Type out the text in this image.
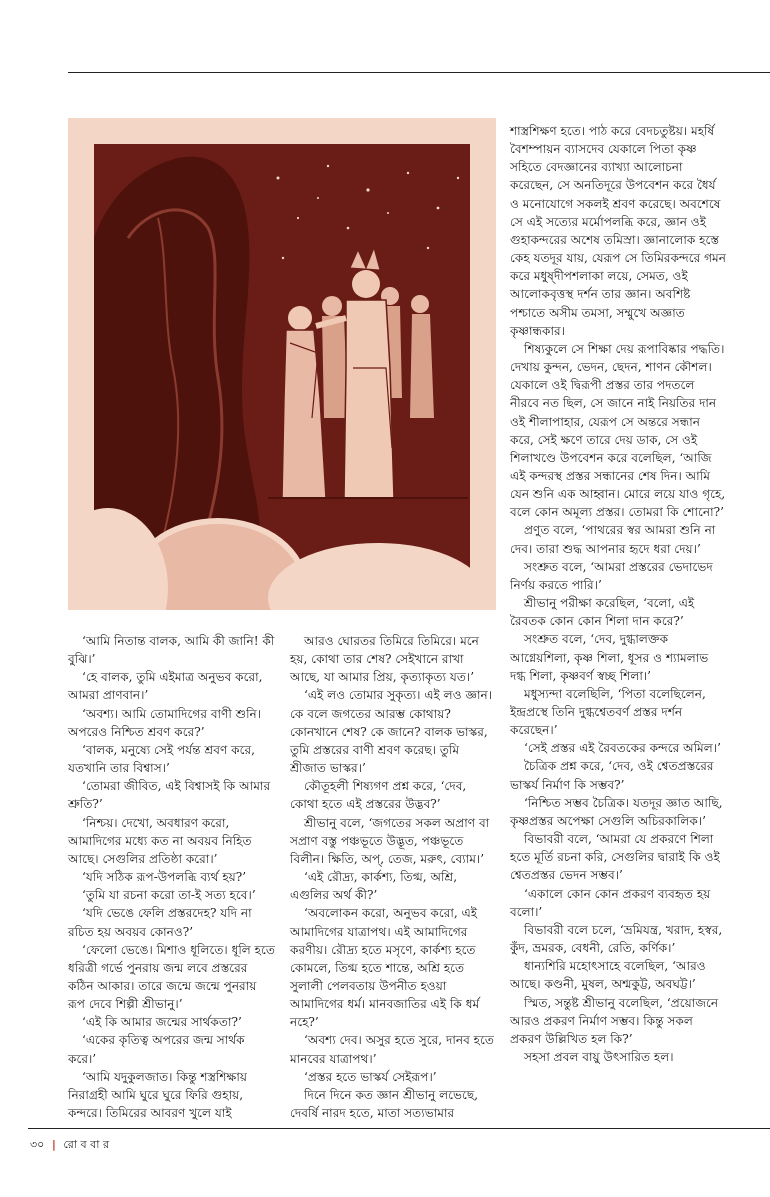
‘আমি নিতান্ত বালক, আমি কী জানি! কী বুঝি।’

‘হে বালক, তুমি এইমাত্র অনুভব করো, আমরা প্রাণবান।’

‘অবশ্য। আমি তোমাদিগের বাণী শুনি। অপরেও নিশ্চিত শ্রবণ করে?’

‘বালক, মনুষ্যে সেই পর্যন্ত শ্রবণ করে, যতখানি তার বিশ্বাস।’

‘তোমরা জীবিত, এই বিশ্বাসই কি আমার শ্রুতি?’

‘নিশ্চয়। দেখো, অবধারণ করো, আমাদিগের মধ্যে কত না অবয়ব নিহিত আছে। সেগুলির প্রতিষ্ঠা করো।’

‘যদি সঠিক রূপ-উপলব্ধি ব্যর্থ হয়?’

‘তুমি যা রচনা করো তা-ই সত্য হবে।’

‘যদি ভেঙে ফেলি প্রস্তরদেহ? যদি না রচিত হয় অবয়ব কোনও?’

‘ফেলো ভেঙে। মিশাও ধূলিতে। ধূলি হতে ধরিত্রী গর্ভে পুনরায় জন্ম লবে প্রস্তরের কঠিন আকার। তারে জন্মে জন্মে পুনরায় রূপ দেবে শিল্পী শ্রীভানু।’

‘এই কি আমার জন্মের সার্থকতা?’

‘একের কৃতিত্ব অপরের জন্ম সার্থক করে।’

‘আমি যদুকুলজাত। কিন্তু শস্ত্রশিক্ষায় নিরাগ্রহী আমি ঘুরে ঘুরে ফিরি গুহায়, কন্দরে। তিমিরের আবরণ খুলে যাই

আরও ঘোরতর তিমিরে তিমিরে। মনে হয়, কোথা তার শেষ? সেইখানে রাখা আছে, যা আমার প্রিয়, কৃত্যাকৃত্য যত।’

‘এই লও তোমার সুকৃত্য। এই লও জ্ঞান। কে বলে জগতের আরম্ভ কোথায়? কোনখানে শেষ? কে জানে? বালক ভাস্কর, তুমি প্রস্তরের বাণী শ্রবণ করেছ। তুমি শ্রীজাত ভাস্কর।’

কৌতূহলী শিষ্যগণ প্রশ্ন করে, ‘দেব, কোথা হতে এই প্রস্তরের উদ্ভব?’

শ্রীভানু বলে, ‘জগতের সকল অপ্রাণ বা সপ্রাণ বস্তু পঞ্চভূতে উদ্ভূত, পঞ্চভূতে বিলীন। ক্ষিতি, অপ্‌, তেজ, মরুৎ, ব্যোম।’

‘এই রৌদ্র্য, কার্কশ্য, তিগ্ম, অশ্রি, এগুলির অর্থ কী?’

‘অবলোকন করো, অনুভব করো, এই আমাদিগের যাত্রাপথ। এই আমাদিগের করণীয়। রৌদ্র্য হতে মসৃণে, কার্কশ্য হতে কোমলে, তিগ্ম হতে শান্তে, অশ্রি হতে সুলালী পেলবতায় উপনীত হওয়া আমাদিগের ধর্ম। মানবজাতির এই কি ধর্ম নহে?’

‘অবশ্য দেব। অসুর হতে সুরে, দানব হতে মানবের যাত্রাপথ।’

‘প্রস্তর হতে ভাস্কর্য সেইরূপ।’

দিনে দিনে কত জ্ঞান শ্রীভানু লভেছে, দেবর্ষি নারদ হতে, মাতা সত্যভামার

শাস্ত্রশিক্ষণ হতে। পাঠ করে বেদচতুষ্টয়। মহর্ষি বৈশম্পায়ন ব্যাসদেব যেকালে পিতা কৃষ্ণ সহিতে বেদজ্ঞানের ব্যাখ্যা আলোচনা করেছেন, সে অনতিদূরে উপবেশন করে ধৈর্য ও মনোযোগে সকলই শ্রবণ করেছে। অবশেষে সে এই সত্যের মর্মোপলব্ধি করে, জ্ঞান ওই গুহাকন্দরের অশেষ তমিস্রা। জ্ঞানালোক হস্তে কেহ যতদূর যায়, যেরূপ সে তিমিরকন্দরে গমন করে মধুষ্দীপশলাকা লয়ে, সেমত, ওই আলোকবৃত্তস্থ দর্শন তার জ্ঞান। অবশিষ্ট পশ্চাতে অসীম তমসা, সম্মুখে অজ্ঞাত কৃষ্ণান্ধকার।

শিষ্যকুলে সে শিক্ষা দেয় রূপাবিষ্কার পদ্ধতি। দেখায় কুন্দন, ভেদন, ছেদন, শাণন কৌশল। যেকালে ওই দ্বিরূপী প্রস্তর তার পদতলে নীরবে নত ছিল, সে জানে নাই নিয়তির দান ওই শীলাপাহার, যেরূপ সে অন্তরে সন্ধান করে, সেই ক্ষণে তারে দেয় ডাক, সে ওই শিলাখণ্ডে উপবেশন করে বলেছিল, ‘আজি এই কন্দরস্থ প্রস্তর সন্ধানের শেষ দিন। আমি যেন শুনি এক আহ্বান। মোরে লয়ে যাও গৃহে, বলে কোন অমূল্য প্রস্তর। তোমরা কি শোনো?’

প্রণুত বলে, ‘পাথরের স্বর আমরা শুনি না দেব। তারা শুদ্ধ আপনার হৃদে ধরা দেয়।’

সংশ্রুত বলে, ‘আমরা প্রস্তরের ভেদাভেদ নির্ণয় করতে পারি।’

শ্রীভানু পরীক্ষা করেছিল, ‘বলো, এই রৈবতক কোন কোন শিলা দান করে?’

সংশ্রুত বলে, ‘দেব, দুগ্ধালক্তক আগ্নেয়শিলা, কৃষ্ণ শিলা, ধূসর ও শ্যামলাভ দগ্ধ শিলা, কৃষ্ণবর্ণ স্বচ্ছ শিলা।’

মধুস্যন্দা বলেছিলি, ‘পিতা বলেছিলেন, ইন্দ্রপ্রস্থে তিনি দুগ্ধশ্বেতবর্ণ প্রস্তর দর্শন করেছেন।’

‘সেই প্রস্তর এই রৈবতকের কন্দরে অমিল।’

চৈত্রিক প্রশ্ন করে, ‘দেব, ওই শ্বেতপ্রস্তরের ভাস্কর্য নির্মাণ কি সম্ভব?’

‘নিশ্চিত সম্ভব চৈত্রিক। যতদূর জ্ঞাত আছি, কৃষ্ণপ্রস্তর অপেক্ষা সেগুলি অচিরকালিক।’

বিভাবরী বলে, ‘আমরা যে প্রকরণে শিলা হতে মূর্তি রচনা করি, সেগুলির দ্বারাই কি ওই শ্বেতপ্রস্তর ভেদন সম্ভব।’

‘একালে কোন কোন প্রকরণ ব্যবহৃত হয় বলো।’

বিভাবরী বলে চলে, ‘ভ্রমিযন্ত্র, খরাদ, হস্বর, কুঁদ, ভ্রমরক, বেধনী, রেতি, কর্ণিক।’

ধান্যশিরি মহোৎসাহে বলেছিল, ‘আরও আছে। কণ্ডনী, মুষল, অশ্মকুট্ট, অবঘট্ট।’

স্মিত, সন্তুষ্ট শ্রীভানু বলেছিল, ‘প্রয়োজনে আরও প্রকরণ নির্মাণ সম্ভব। কিন্তু সকল প্রকরণ উল্লিখিত হল কি?’

সহসা প্রবল বায়ু উৎসারিত হল।

৩০ | রো ব বা র
